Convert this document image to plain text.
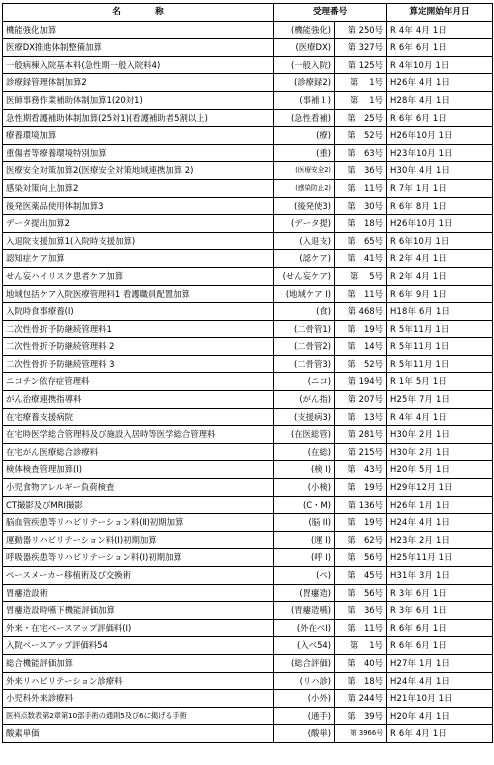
名　　　　称	受理番号		算定開始年月日
機能強化加算	(機能強化)	第 250号	R 4年 4月 1日
医療DX推進体制整備加算	(医療DX)	第 327号	R 6年 6月 1日
一般病棟入院基本料(急性期一般入院料4)	(一般入院)	第 125号	R 4年10月 1日
診療録管理体制加算2	(診療録2)	第　 1号	H26年 4月 1日
医師事務作業補助体制加算1(20対1)	(事補１)	第　 1号	H28年 4月 1日
急性期看護補助体制加算(25対1)(看護補助者5割以上)	(急性看補)	第　25号	R 6年 6月 1日
療養環境加算	(療)	第　52号	H26年10月 1日
重傷者等療養環境特別加算	(重)	第　63号	H23年10月 1日
医療安全対策加算2(医療安全対策地域連携加算 2)	(医療安全2)	第　36号	H30年 4月 1日
感染対策向上加算2	(感染防止2)	第　11号	R 7年 1月 1日
後発医薬品使用体制加算3	(後発使3)	第　30号	R 6年 8月 1日
データ提出加算2	(データ提)	第　18号	H26年10月 1日
入退院支援加算1(入院時支援加算)	(入退支)	第　65号	R 6年10月 1日
認知症ケア加算	(認ケア)	第　41号	R 2年 4月 1日
せん妄ハイリスク患者ケア加算	(せん妄ケア)	第　 5号	R 2年 4月 1日
地域包括ケア入院医療管理料1 看護職員配置加算	(地域ケア I)	第　11号	R 6年 9月 1日
入院時食事療養(Ⅰ)	(食)	第 468号	H18年 6月 1日
二次性骨折予防継続管理料1	(二骨管1)	第　19号	R 5年11月 1日
二次性骨折予防継続管理料 2	(二骨管2)	第　14号	R 5年11月 1日
二次性骨折予防継続管理料 3	(二骨管3)	第　52号	R 5年11月 1日
ニコチン依存症管理料	(ニコ)	第 194号	R 1年 5月 1日
がん治療連携指導料	(がん指)	第 207号	H25年 7月 1日
在宅療養支援病院	(支援病3)	第　13号	R 4年 4月 1日
在宅時医学総合管理料及び施設入居時等医学総合管理料	(在医総管)	第 281号	H30年 2月 1日
在宅がん医療総合診療料	(在総)	第 215号	H30年 2月 1日
検体検査管理加算(Ⅰ)	(検 I)	第　43号	H20年 5月 1日
小児食物アレルギー負荷検査	(小検)	第　19号	H29年12月 1日
CT撮影及びMRI撮影	(C・M)	第 136号	H26年 1月 1日
脳血管疾患等リハビリテーション料(Ⅱ)初期加算	(脳 II)	第　19号	H24年 4月 1日
運動器リハビリテーション料(Ⅰ)初期加算	(運 I)	第　62号	H23年 2月 1日
呼吸器疾患等リハビリテーション料(Ⅰ)初期加算	(呼 I)	第　56号	H25年11月 1日
ペースメーカー移植術及び交換術	(ペ)	第　45号	H31年 3月 1日
胃瘻造設術	(胃瘻造)	第　56号	R 3年 6月 1日
胃瘻造設時嚥下機能評価加算	(胃瘻造嚥)	第　36号	R 3年 6月 1日
外来・在宅ベースアップ評価料(Ⅰ)	(外在ベI)	第　11号	R 6年 6月 1日
入院ベースアップ評価料54	(入ベ54)	第　 1号	R 6年 6月 1日
総合機能評価加算	(総合評価)	第　40号	H27年 1月 1日
外来リハビリテーション診療料	(リハ診)	第　18号	H24年 4月 1日
小児科外来診療料	(小外)	第 244号	H21年10月 1日
医科点数表第2章第10部手術の通則5及び6に掲げる手術	(通手)	第　39号	H20年 4月 1日
酸素単価	(酸単)	第 3966号	R 6年 4月 1日
